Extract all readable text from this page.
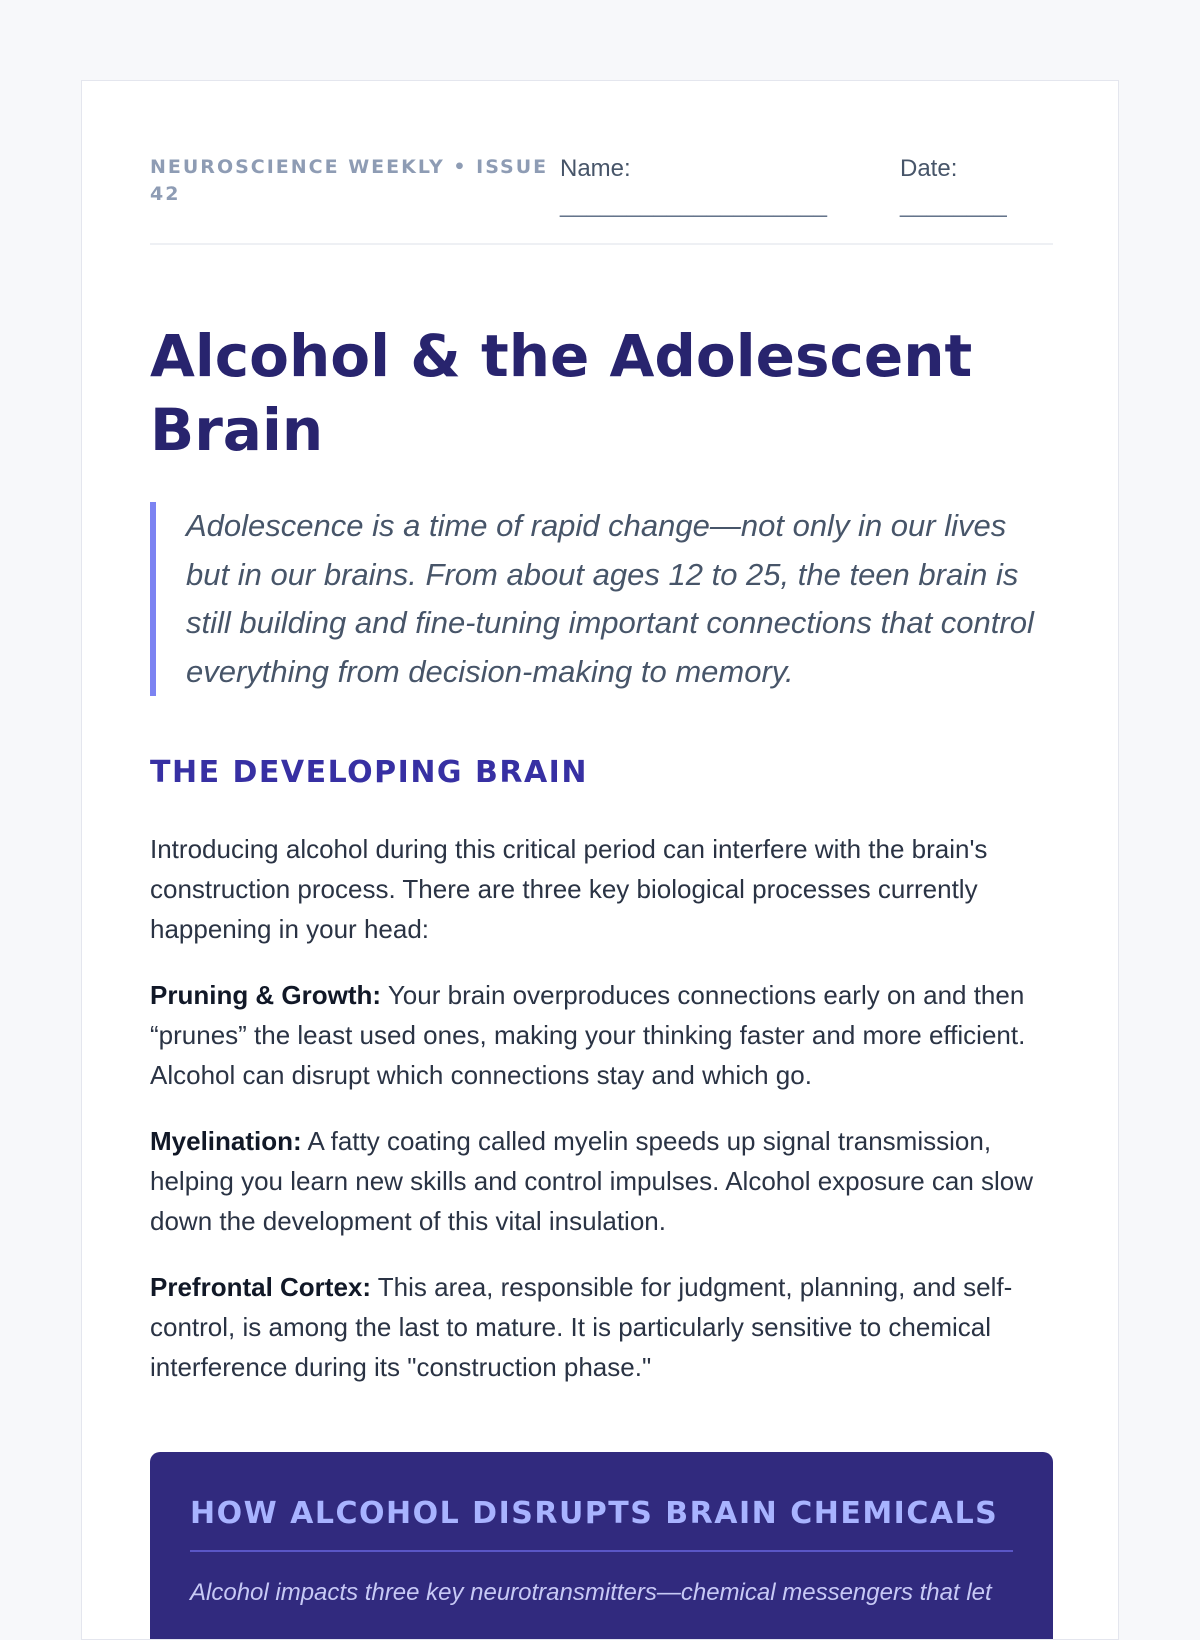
NEUROSCIENCE WEEKLY • ISSUE 42
Name:
____________________
Date:
________
Alcohol & the Adolescent Brain

Adolescence is a time of rapid change—not only in our lives but in our brains. From about ages 12 to 25, the teen brain is still building and fine-tuning important connections that control everything from decision-making to memory.

THE DEVELOPING BRAIN

Introducing alcohol during this critical period can interfere with the brain's construction process. There are three key biological processes currently happening in your head:

Pruning & Growth: Your brain overproduces connections early on and then “prunes” the least used ones, making your thinking faster and more efficient. Alcohol can disrupt which connections stay and which go.

Myelination: A fatty coating called myelin speeds up signal transmission, helping you learn new skills and control impulses. Alcohol exposure can slow down the development of this vital insulation.

Prefrontal Cortex: This area, responsible for judgment, planning, and self-control, is among the last to mature. It is particularly sensitive to chemical interference during its "construction phase."

HOW ALCOHOL DISRUPTS BRAIN CHEMICALS

Alcohol impacts three key neurotransmitters—chemical messengers that let
